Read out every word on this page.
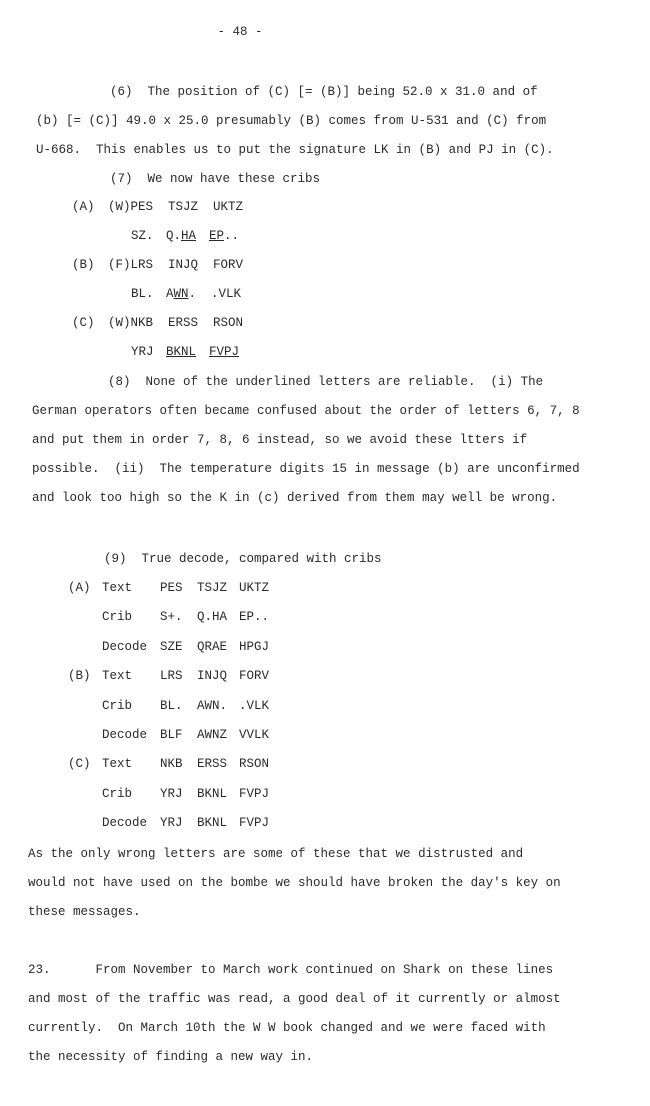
- 48 -
(6)  The position of (C) [= (B)] being 52.0 x 31.0 and of
(b) [= (C)] 49.0 x 25.0 presumably (B) comes from U-531 and (C) from
U-668.  This enables us to put the signature LK in (B) and PJ in (C).
(7)  We now have these cribs
(A) (W)PES  TSJZ  UKTZ
SZ. Q.HA EP..
(B) (F)LRS  INJQ  FORV
BL. AWN.  .VLK
(C) (W)NKB  ERSS  RSON
YRJ BKNL FVPJ
(8)  None of the underlined letters are reliable.  (i) The
German operators often became confused about the order of letters 6, 7, 8
and put them in order 7, 8, 6 instead, so we avoid these ltters if
possible.  (ii)  The temperature digits 15 in message (b) are unconfirmed
and look too high so the K in (c) derived from them may well be wrong.
(9)  True decode, compared with cribs
(A) Text PES TSJZ UKTZ
Crib S+. Q.HA EP..
Decode SZE QRAE HPGJ
(B) Text LRS INJQ FORV
Crib BL. AWN. .VLK
Decode BLF AWNZ VVLK
(C) Text NKB ERSS RSON
Crib YRJ BKNL FVPJ
Decode YRJ BKNL FVPJ
As the only wrong letters are some of these that we distrusted and
would not have used on the bombe we should have broken the day's key on
these messages.
23.      From November to March work continued on Shark on these lines
and most of the traffic was read, a good deal of it currently or almost
currently.  On March 10th the W W book changed and we were faced with
the necessity of finding a new way in.
